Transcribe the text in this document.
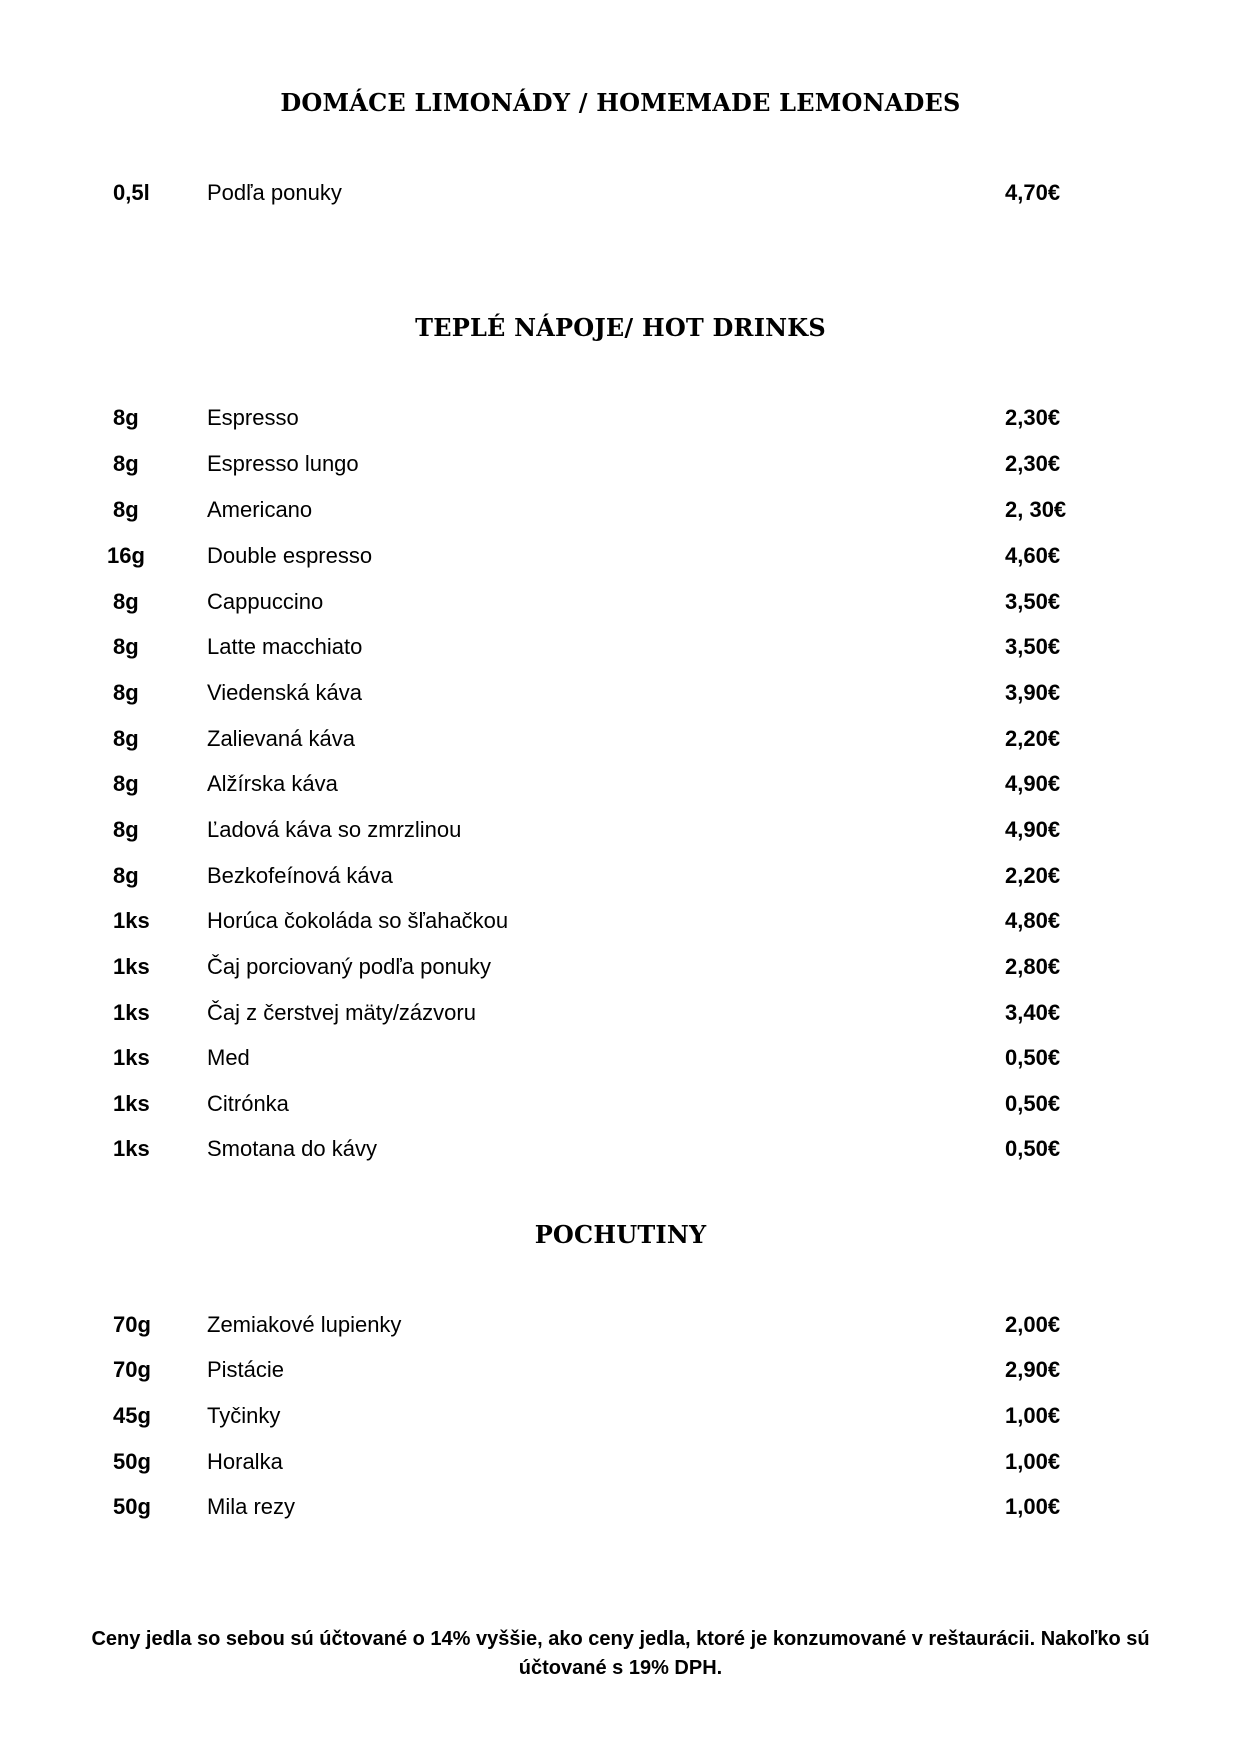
DOMÁCE LIMONÁDY / HOMEMADE LEMONADES
0,5l	Podľa ponuky	4,70€
TEPLÉ NÁPOJE/ HOT DRINKS
8g	Espresso	2,30€
8g	Espresso lungo	2,30€
8g	Americano	2, 30€
16g	Double espresso	4,60€
8g	Cappuccino	3,50€
8g	Latte macchiato	3,50€
8g	Viedenská káva	3,90€
8g	Zalievaná káva	2,20€
8g	Alžírska káva	4,90€
8g	Ľadová káva so zmrzlinou	4,90€
8g	Bezkofeínová káva	2,20€
1ks	Horúca čokoláda so šľahačkou	4,80€
1ks	Čaj porciovaný podľa ponuky	2,80€
1ks	Čaj z čerstvej mäty/zázvoru	3,40€
1ks	Med	0,50€
1ks	Citrónka	0,50€
1ks	Smotana do kávy	0,50€
POCHUTINY
70g	Zemiakové lupienky	2,00€
70g	Pistácie	2,90€
45g	Tyčinky	1,00€
50g	Horalka	1,00€
50g	Mila rezy	1,00€
Ceny jedla so sebou sú účtované o 14% vyššie, ako ceny jedla, ktoré je konzumované v reštaurácii. Nakoľko sú
účtované s 19% DPH.
